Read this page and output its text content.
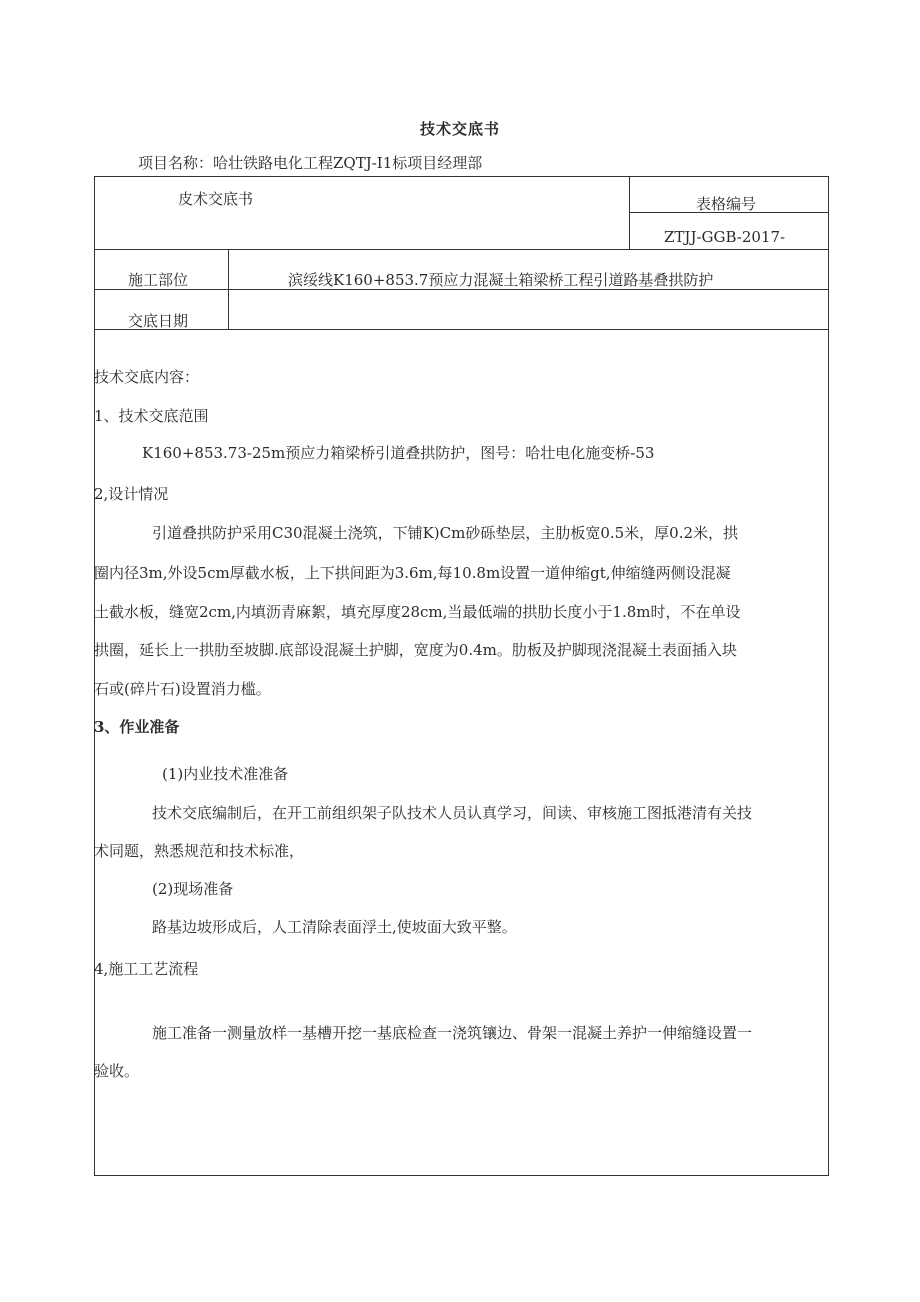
技术交底书
项目名称：哈壮铁路电化工程ZQTJ-I1标项目经理部
皮术交底书	表格编号
ZTJJ-GGB-2017-
施工部位	滨绥线K160+853.7预应力混凝土箱梁桥工程引道路基叠拱防护
交底日期
技术交底内容：
1、技术交底范围
K160+853.73-25m预应力箱梁桥引道叠拱防护，图号：哈壮电化施变桥-53
2,设计情况
引道叠拱防护采用C30混凝土浇筑，下铺K)Cm砂砾垫层，主肋板宽0.5米，厚0.2米，拱
圈内径3m,外设5cm厚截水板，上下拱间距为3.6m,每10.8m设置一道伸缩gt,伸缩缝两侧设混凝
土截水板，缝宽2cm,内填沥青麻絮，填充厚度28cm,当最低端的拱肋长度小于1.8m时，不在单设
拱圈，延长上一拱肋至坡脚.底部设混凝土护脚，宽度为0.4m。肋板及护脚现浇混凝土表面插入块
石或(碎片石)设置消力槛。
3、作业准备
(1)内业技术准准备
技术交底编制后，在开工前组织架子队技术人员认真学习，间读、审核施工图抵港清有关技
术同题，熟悉规范和技术标准，
(2)现场准备
路基边坡形成后，人工清除表面浮土,使坡面大致平整。
4,施工工艺流程
施工准备一测量放样一基槽开挖一基底检查一浇筑镶边、骨架一混凝土养护一伸缩缝设置一
验收。
